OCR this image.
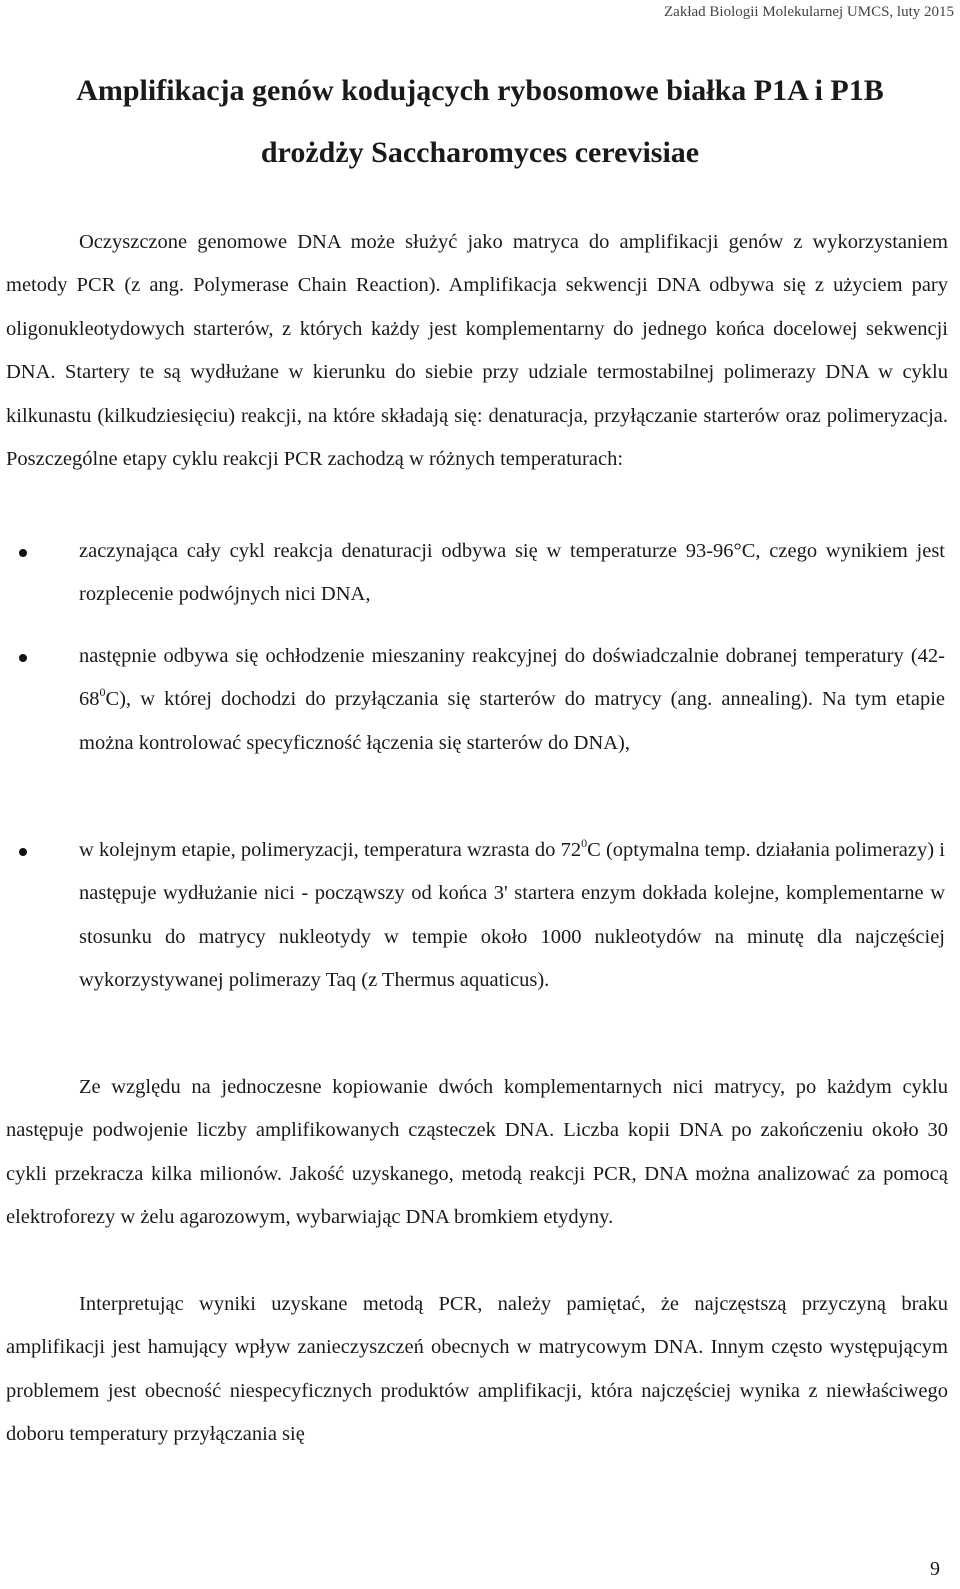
Zakład Biologii Molekularnej UMCS, luty 2015
Amplifikacja genów kodujących rybosomowe białka P1A i P1B
drożdży Saccharomyces cerevisiae

Oczyszczone genomowe DNA może służyć jako matryca do amplifikacji genów z wykorzystaniem metody PCR (z ang. Polymerase Chain Reaction). Amplifikacja sekwencji DNA odbywa się z użyciem pary oligonukleotydowych starterów, z których każdy jest komplementarny do jednego końca docelowej sekwencji DNA. Startery te są wydłużane w kierunku do siebie przy udziale termostabilnej polimerazy DNA w cyklu kilkunastu (kilkudziesięciu) reakcji, na które składają się: denaturacja, przyłączanie starterów oraz polimeryzacja. Poszczególne etapy cyklu reakcji PCR zachodzą w różnych temperaturach:

zaczynająca cały cykl reakcja denaturacji odbywa się w temperaturze 93-96°C, czego wynikiem jest rozplecenie podwójnych nici DNA,
następnie odbywa się ochłodzenie mieszaniny reakcyjnej do doświadczalnie dobranej temperatury $(42-68^0C)$, w której dochodzi do przyłączania się starterów do matrycy (ang. annealing). Na tym etapie można kontrolować specyficzność łączenia się starterów do DNA),
w kolejnym etapie, polimeryzacji, temperatura wzrasta do $72^0C$ (optymalna temp. działania polimerazy) i następuje wydłużanie nici - począwszy od końca 3' startera enzym dokłada kolejne, komplementarne w stosunku do matrycy nukleotydy w tempie około 1000 nukleotydów na minutę dla najczęściej wykorzystywanej polimerazy Taq (z Thermus aquaticus).

Ze względu na jednoczesne kopiowanie dwóch komplementarnych nici matrycy, po każdym cyklu następuje podwojenie liczby amplifikowanych cząsteczek DNA. Liczba kopii DNA po zakończeniu około 30 cykli przekracza kilka milionów. Jakość uzyskanego, metodą reakcji PCR, DNA można analizować za pomocą elektroforezy w żelu agarozowym, wybarwiając DNA bromkiem etydyny.

Interpretując wyniki uzyskane metodą PCR, należy pamiętać, że najczęstszą przyczyną braku amplifikacji jest hamujący wpływ zanieczyszczeń obecnych w matrycowym DNA. Innym często występującym problemem jest obecność niespecyficznych produktów amplifikacji, która najczęściej wynika z niewłaściwego doboru temperatury przyłączania się

9
